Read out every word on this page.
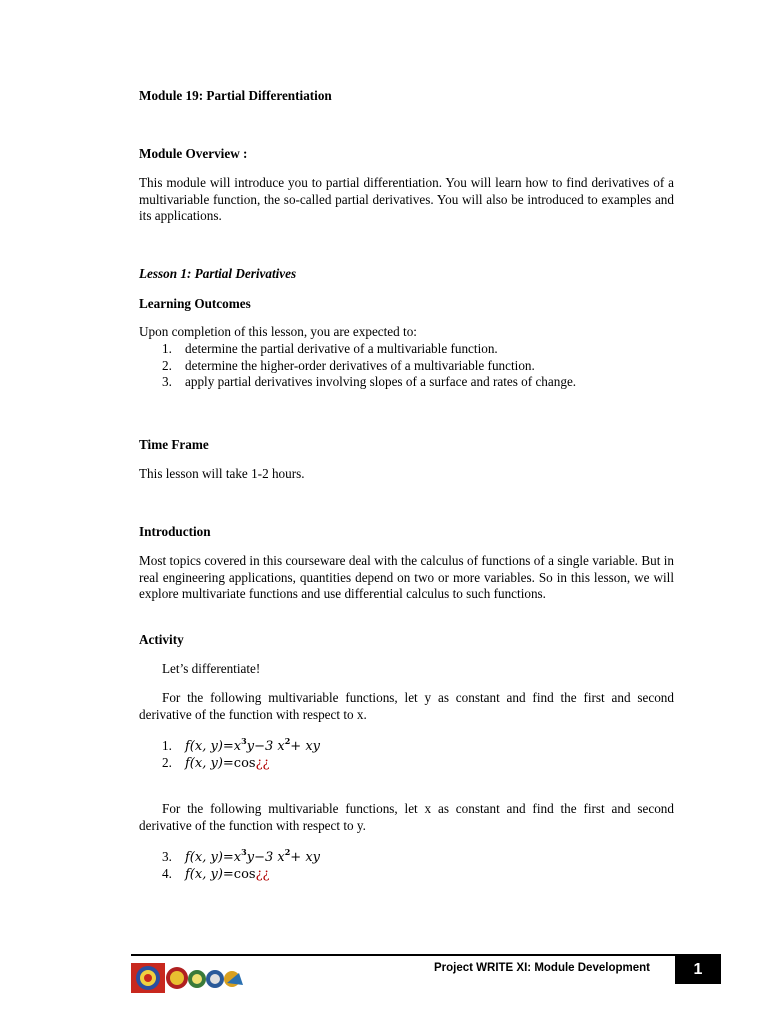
Module 19: Partial Differentiation
Module Overview :
This module will introduce you to partial differentiation. You will learn how to find derivatives of a multivariable function, the so-called partial derivatives. You will also be introduced to examples and its applications.
Lesson 1: Partial Derivatives
Learning Outcomes
Upon completion of this lesson, you are expected to:
1. determine the partial derivative of a multivariable function.
2. determine the higher-order derivatives of a multivariable function.
3. apply partial derivatives involving slopes of a surface and rates of change.
Time Frame
This lesson will take 1-2 hours.
Introduction
Most topics covered in this courseware deal with the calculus of functions of a single variable. But in real engineering applications, quantities depend on two or more variables. So in this lesson, we will explore multivariate functions and use differential calculus to such functions.
Activity
Let’s differentiate!
For the following multivariable functions, let y as constant and find the first and second derivative of the function with respect to x.
1.	f(x, $y)=x^3y-3$ $x^2+$ xy
2.	f(x, y)=cos¿¿
For the following multivariable functions, let x as constant and find the first and second derivative of the function with respect to y.
3.	f(x, $y)=x^3y-3$ $x^2+$ xy
4.	f(x, y)=cos¿¿
Project WRITE XI: Module Development	1
